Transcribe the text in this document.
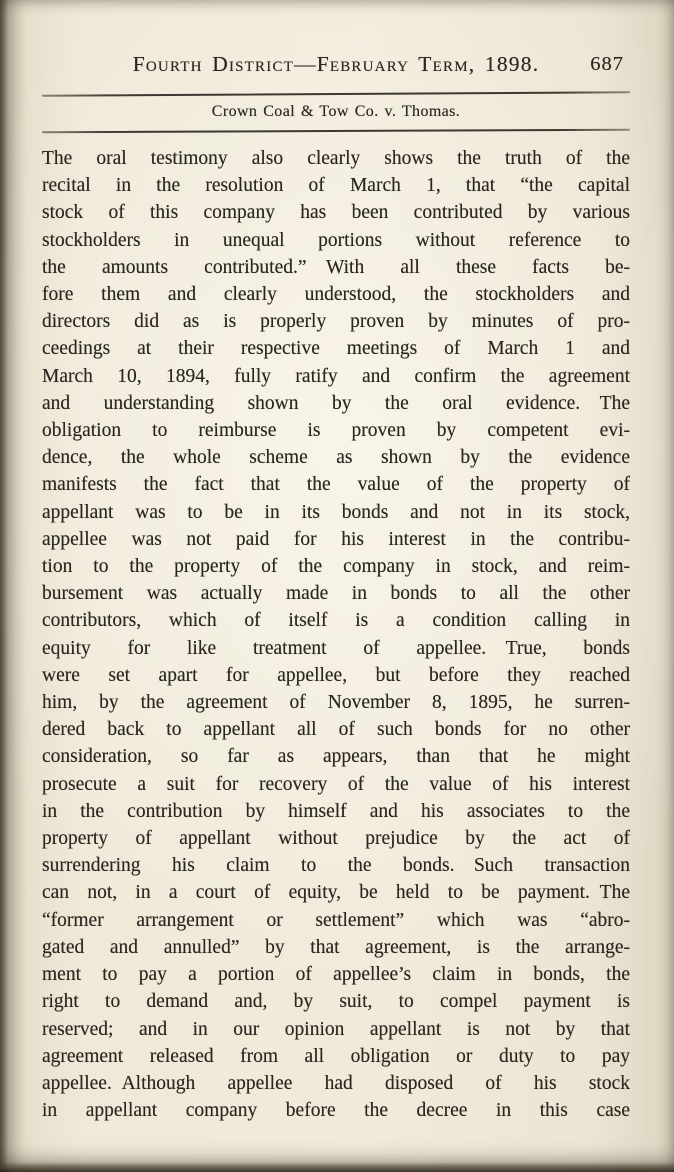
Fourth District—February Term, 1898. 687
Crown Coal & Tow Co. v. Thomas.
The oral testimony also clearly shows the truth of the
recital in the resolution of March 1, that “the capital
stock of this company has been contributed by various
stockholders in unequal portions without reference to
the amounts contributed.” With all these facts be-
fore them and clearly understood, the stockholders and
directors did as is properly proven by minutes of pro-
ceedings at their respective meetings of March 1 and
March 10, 1894, fully ratify and confirm the agreement
and understanding shown by the oral evidence. The
obligation to reimburse is proven by competent evi-
dence, the whole scheme as shown by the evidence
manifests the fact that the value of the property of
appellant was to be in its bonds and not in its stock,
appellee was not paid for his interest in the contribu-
tion to the property of the company in stock, and reim-
bursement was actually made in bonds to all the other
contributors, which of itself is a condition calling in
equity for like treatment of appellee. True, bonds
were set apart for appellee, but before they reached
him, by the agreement of November 8, 1895, he surren-
dered back to appellant all of such bonds for no other
consideration, so far as appears, than that he might
prosecute a suit for recovery of the value of his interest
in the contribution by himself and his associates to the
property of appellant without prejudice by the act of
surrendering his claim to the bonds. Such transaction
can not, in a court of equity, be held to be payment. The
“former arrangement or settlement” which was “abro-
gated and annulled” by that agreement, is the arrange-
ment to pay a portion of appellee’s claim in bonds, the
right to demand and, by suit, to compel payment is
reserved; and in our opinion appellant is not by that
agreement released from all obligation or duty to pay
appellee. Although appellee had disposed of his stock
in appellant company before the decree in this case
